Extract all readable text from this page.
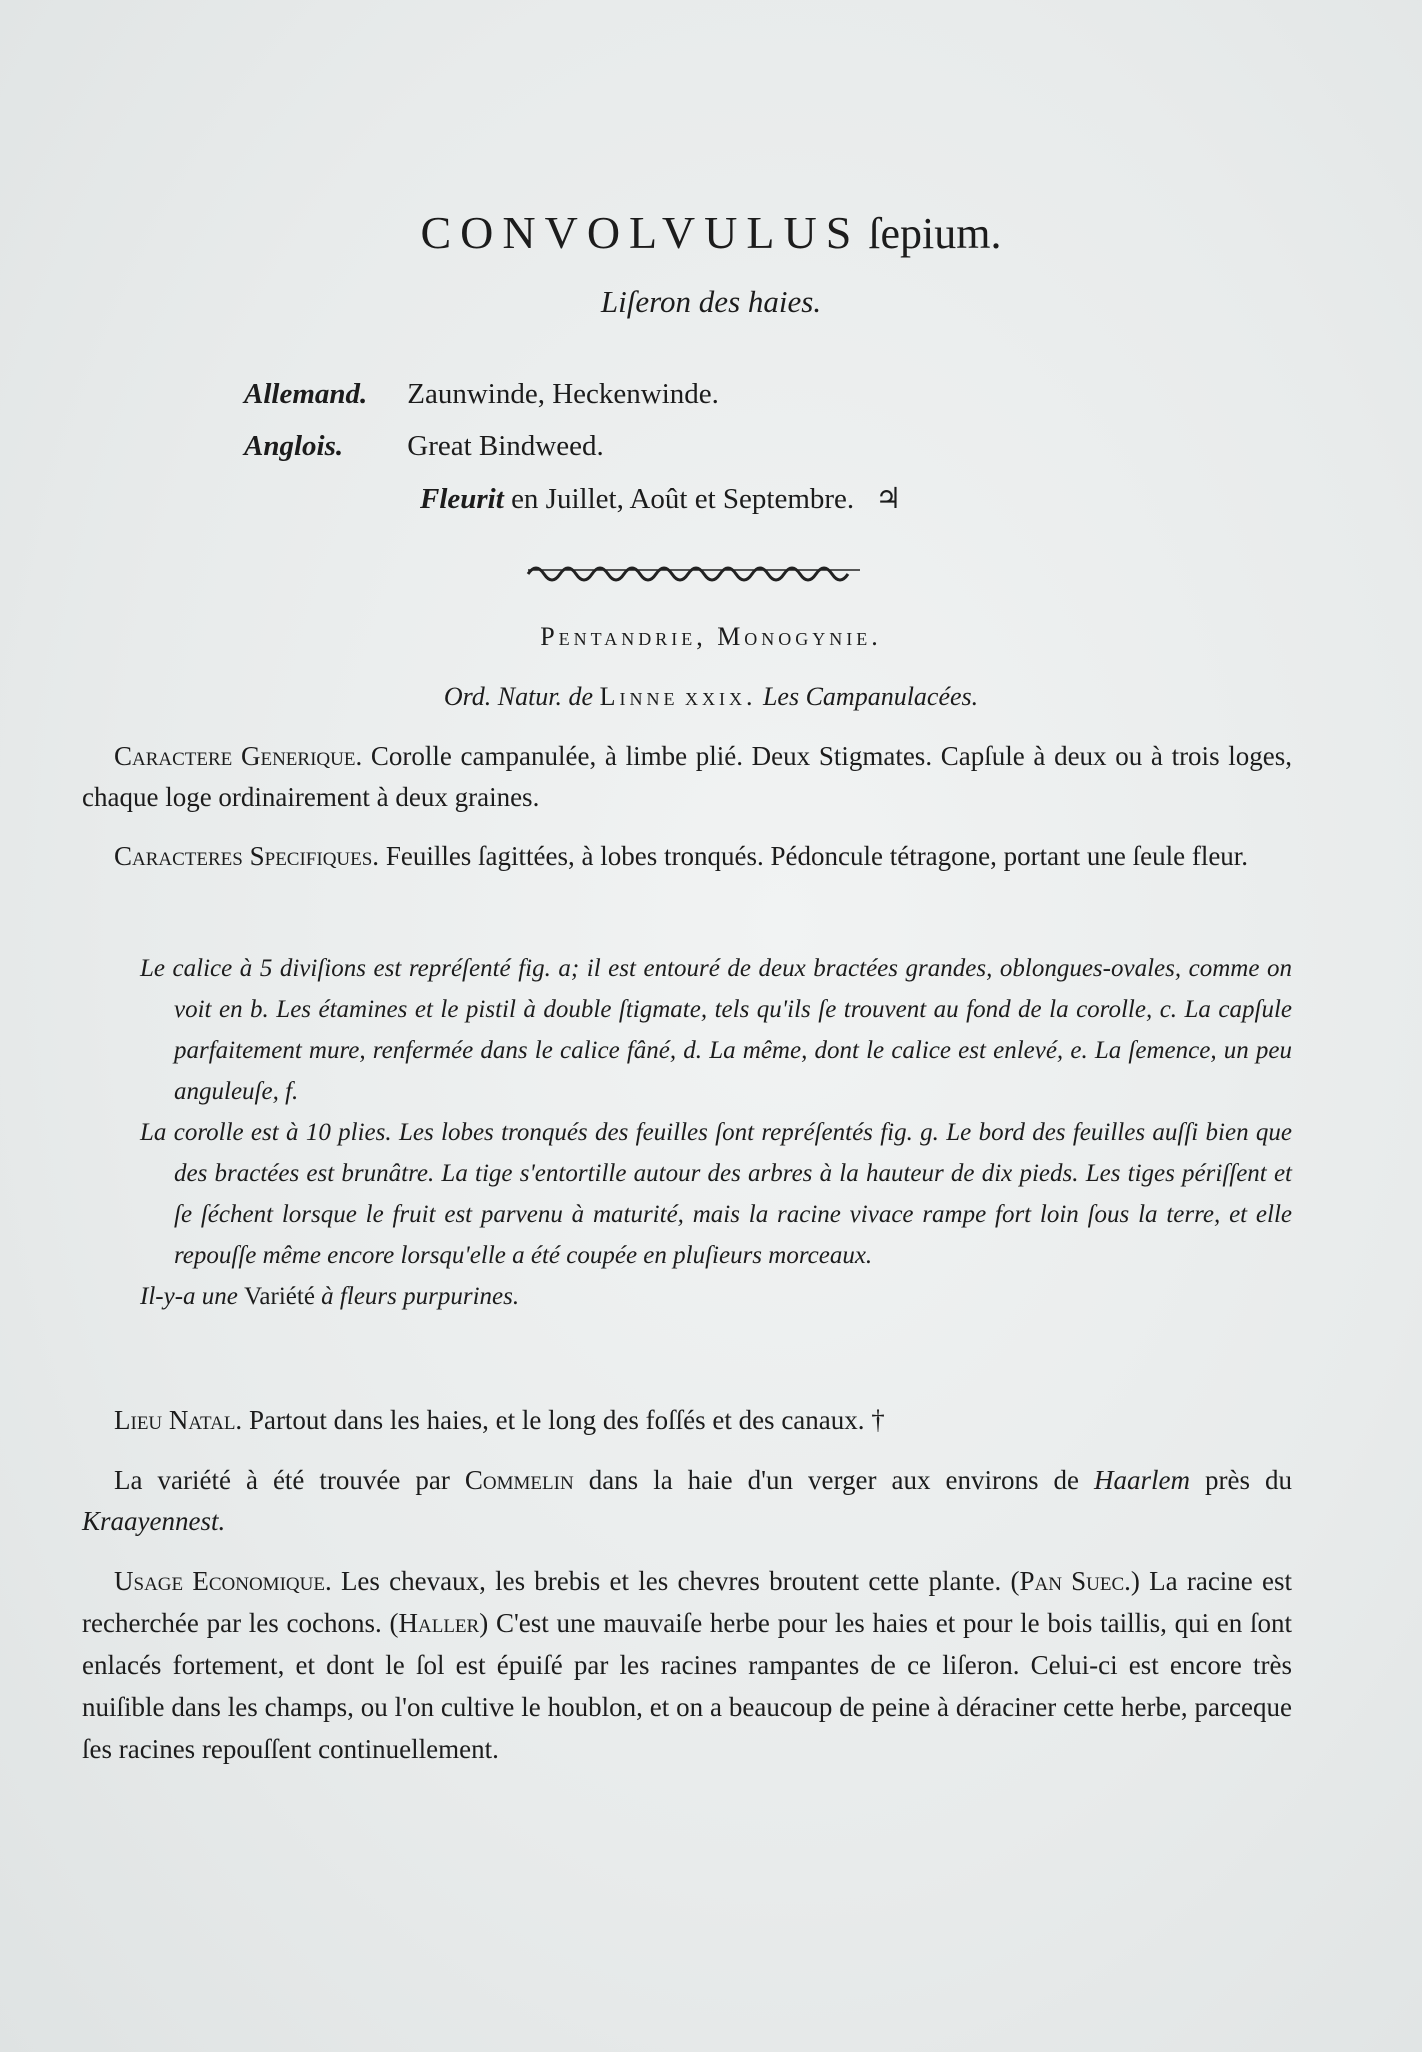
CONVOLVULUS ſepium.
Liſeron des haies.
Allemand. Zaunwinde, Heckenwinde.
Anglois. Great Bindweed.
Fleurit en Juillet, Août et Septembre. ♃
Pentandrie, Monogynie.
Ord. Natur. de Linne xxix. Les Campanulacées.
Caractere Generique. Corolle campanulée, à limbe plié. Deux Stigmates. Capſule à deux ou à trois loges, chaque loge ordinairement à deux graines.
Caracteres Specifiques. Feuilles ſagittées, à lobes tronqués. Pédoncule tétragone, portant une ſeule fleur.

Le calice à 5 diviſions est repréſenté fig. a; il est entouré de deux bractées grandes, oblongues-ovales, comme on voit en b. Les étamines et le pistil à double ſtigmate, tels qu'ils ſe trouvent au fond de la corolle, c. La capſule parfaitement mure, renfermée dans le calice fâné, d. La même, dont le calice est enlevé, e. La ſemence, un peu anguleuſe, f.

La corolle est à 10 plies. Les lobes tronqués des feuilles ſont repréſentés fig. g. Le bord des feuilles auſſi bien que des bractées est brunâtre. La tige s'entortille autour des arbres à la hauteur de dix pieds. Les tiges périſſent et ſe ſéchent lorsque le fruit est parvenu à maturité, mais la racine vivace rampe fort loin ſous la terre, et elle repouſſe même encore lorsqu'elle a été coupée en pluſieurs morceaux.

Il-y-a une Variété à fleurs purpurines.

Lieu Natal. Partout dans les haies, et le long des foſſés et des canaux. †
La variété à été trouvée par Commelin dans la haie d'un verger aux environs de Haarlem près du Kraayennest.
Usage Economique. Les chevaux, les brebis et les chevres broutent cette plante. (Pan Suec.) La racine est recherchée par les cochons. (Haller) C'est une mauvaiſe herbe pour les haies et pour le bois taillis, qui en ſont enlacés fortement, et dont le ſol est épuiſé par les racines rampantes de ce liſeron. Celui-ci est encore très nuiſible dans les champs, ou l'on cultive le houblon, et on a beaucoup de peine à déraciner cette herbe, parceque ſes racines repouſſent continuellement.
